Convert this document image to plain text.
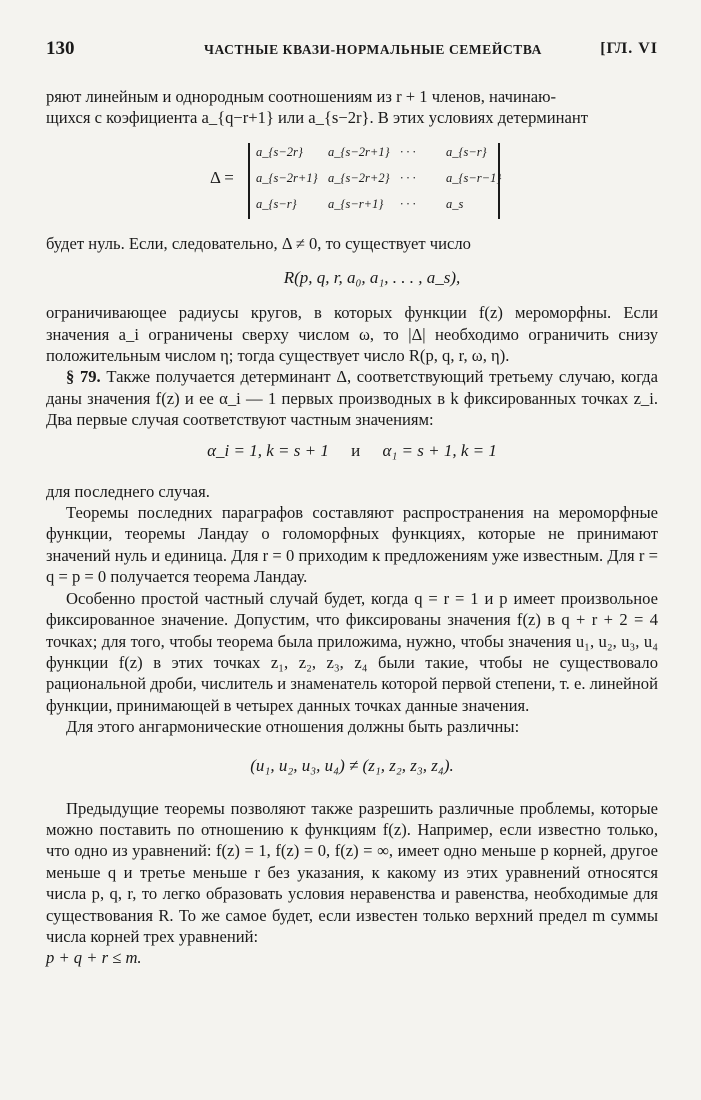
130	ЧАСТНЫЕ КВАЗИ-НОРМАЛЬНЫЕ СЕМЕЙСТВА	[ГЛ. VI

ряют линейным и однородным соотношениям из r + 1 членов, начинаю-

щихся с коэфициента a_{q−r+1} или a_{s−2r}. В этих условиях детерминант

Δ =
a_{s−2r} a_{s−2r+1} · · · a_{s−r}
a_{s−2r+1} a_{s−2r+2} · · · a_{s−r−1}
a_{s−r}	a_{s−r+1} · · · a_s

будет нуль. Если, следовательно, Δ ≠ 0, то существует число

R(p, q, r, a₀, a₁, . . . , a_s),

ограничивающее радиусы кругов, в которых функции f(z) мероморфны. Если значения a_i ограничены сверху числом ω, то |Δ| необходимо ограничить снизу положительным числом η; тогда существует число R(p, q, r, ω, η).

§ 79. Также получается детерминант Δ, соответствующий третьему случаю, когда даны значения f(z) и ее α_i — 1 первых производных в k фиксированных точках z_i. Два первые случая соответствуют частным значениям:

α_i = 1, k = s + 1 и α₁ = s + 1, k = 1

для последнего случая.

Теоремы последних параграфов составляют распространения на мероморфные функции, теоремы Ландау о голоморфных функциях, которые не принимают значений нуль и единица. Для r = 0 приходим к предложениям уже известным. Для r = q = p = 0 получается теорема Ландау.

Особенно простой частный случай будет, когда q = r = 1 и p имеет произвольное фиксированное значение. Допустим, что фиксированы значения f(z) в q + r + 2 = 4 точках; для того, чтобы теорема была приложима, нужно, чтобы значения u₁, u₂, u₃, u₄ функции f(z) в этих точках z₁, z₂, z₃, z₄ были такие, чтобы не существовало рациональной дроби, числитель и знаменатель которой первой степени, т. е. линейной функции, принимающей в четырех данных точках данные значения.

Для этого ангармонические отношения должны быть различны:

(u₁, u₂, u₃, u₄) ≠ (z₁, z₂, z₃, z₄).

Предыдущие теоремы позволяют также разрешить различные проблемы, которые можно поставить по отношению к функциям f(z). Например, если известно только, что одно из уравнений: f(z) = 1, f(z) = 0, f(z) = ∞, имеет одно меньше p корней, другое меньше q и третье меньше r без указания, к какому из этих уравнений относятся числа p, q, r, то легко образовать условия неравенства и равенства, необходимые для существования R. То же самое будет, если известен только верхний предел m суммы числа корней трех уравнений:

p + q + r ≤ m.
